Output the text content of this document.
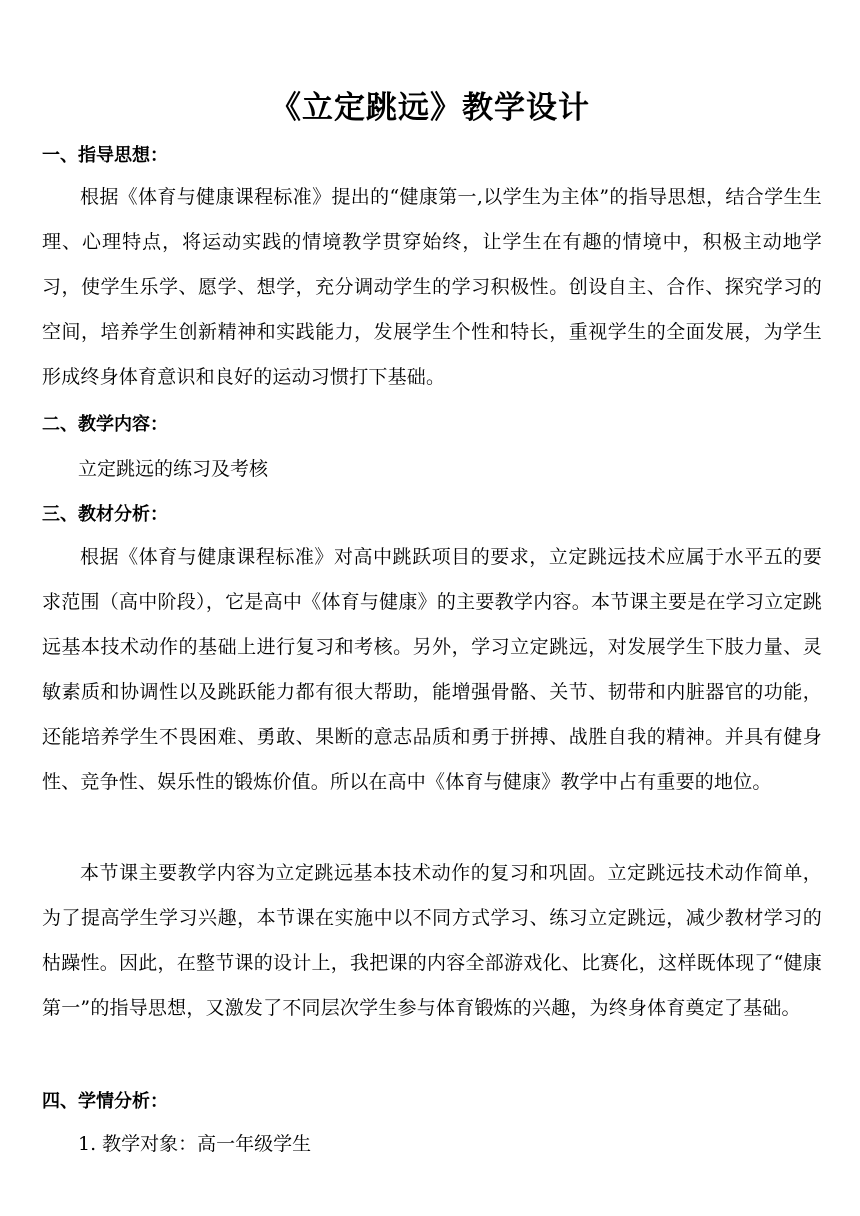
《立定跳远》教学设计
一、指导思想：
根据《体育与健康课程标准》提出的“健康第一,以学生为主体”的指导思想，结合学生生理、心理特点，将运动实践的情境教学贯穿始终，让学生在有趣的情境中，积极主动地学习，使学生乐学、愿学、想学，充分调动学生的学习积极性。创设自主、合作、探究学习的空间，培养学生创新精神和实践能力，发展学生个性和特长，重视学生的全面发展，为学生形成终身体育意识和良好的运动习惯打下基础。
二、教学内容：
立定跳远的练习及考核
三、教材分析：
根据《体育与健康课程标准》对高中跳跃项目的要求，立定跳远技术应属于水平五的要求范围（高中阶段），它是高中《体育与健康》的主要教学内容。本节课主要是在学习立定跳远基本技术动作的基础上进行复习和考核。另外，学习立定跳远，对发展学生下肢力量、灵敏素质和协调性以及跳跃能力都有很大帮助，能增强骨骼、关节、韧带和内脏器官的功能，还能培养学生不畏困难、勇敢、果断的意志品质和勇于拼搏、战胜自我的精神。并具有健身性、竞争性、娱乐性的锻炼价值。所以在高中《体育与健康》教学中占有重要的地位。
本节课主要教学内容为立定跳远基本技术动作的复习和巩固。立定跳远技术动作简单，为了提高学生学习兴趣，本节课在实施中以不同方式学习、练习立定跳远，减少教材学习的枯躁性。因此，在整节课的设计上，我把课的内容全部游戏化、比赛化，这样既体现了“健康第一”的指导思想，又激发了不同层次学生参与体育锻炼的兴趣，为终身体育奠定了基础。
四、学情分析：
1. 教学对象：高一年级学生
